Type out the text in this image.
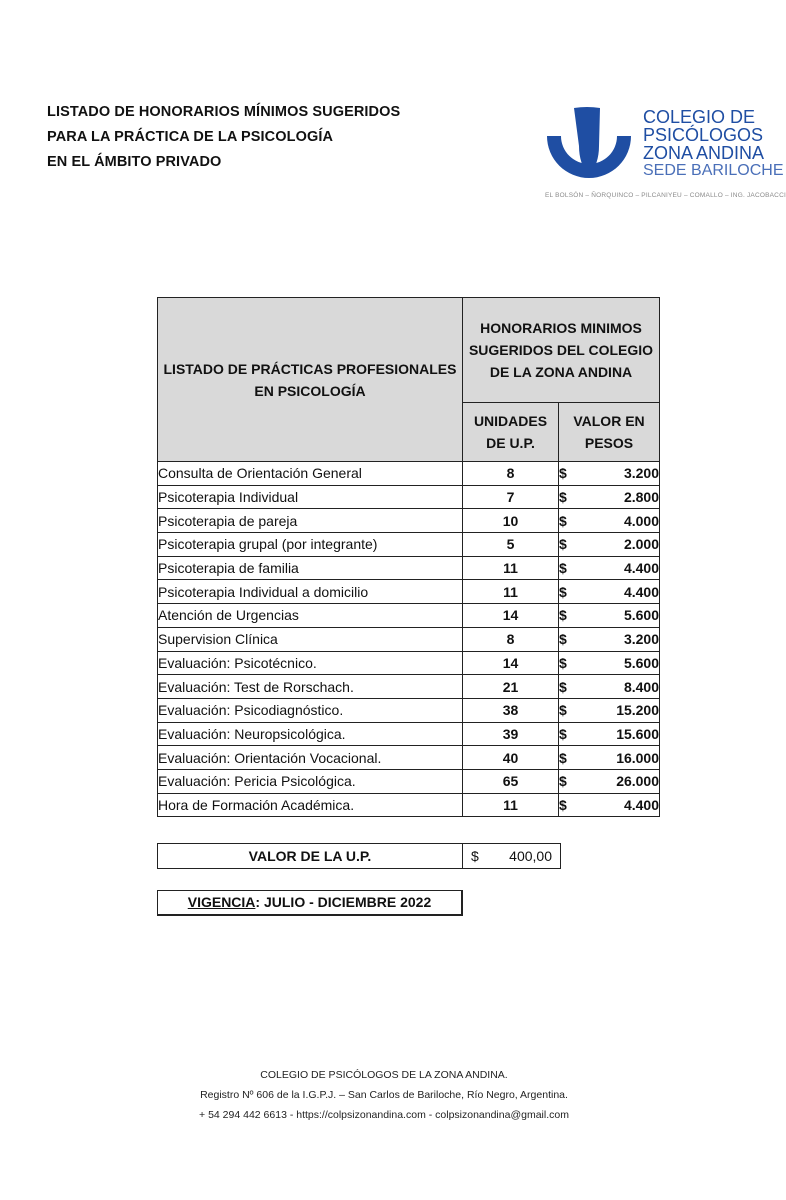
LISTADO DE HONORARIOS MÍNIMOS SUGERIDOS
PARA LA PRÁCTICA DE LA PSICOLOGÍA
EN EL ÁMBITO PRIVADO
COLEGIO DE
PSICÓLOGOS
ZONA ANDINA
SEDE BARILOCHE
EL BOLSÓN – ÑORQUINCO – PILCANIYEU – COMALLO – ING. JACOBACCI
LISTADO DE PRÁCTICAS PROFESIONALES EN PSICOLOGÍA	HONORARIOS MINIMOS SUGERIDOS DEL COLEGIO DE LA ZONA ANDINA	
	UNIDADES DE U.P.	VALOR EN PESOS
Consulta de Orientación General	8	$ 3.200

Psicoterapia Individual	7	$ 2.800

Psicoterapia de pareja	10	$ 4.000

Psicoterapia grupal (por integrante)	5	$ 2.000

Psicoterapia de familia	11	$ 4.400

Psicoterapia Individual a domicilio	11	$ 4.400

Atención de Urgencias	14	$ 5.600

Supervision Clínica	8	$ 3.200

Evaluación: Psicotécnico.	14	$ 5.600

Evaluación: Test de Rorschach.	21	$ 8.400

Evaluación: Psicodiagnóstico.	38	$ 15.200

Evaluación: Neuropsicológica.	39	$ 15.600

Evaluación: Orientación Vocacional.	40	$ 16.000

Evaluación: Pericia Psicológica.	65	$ 26.000

Hora de Formación Académica.	11	$ 4.400
VALOR DE LA U.P.	$ 400,00
VIGENCIA: JULIO - DICIEMBRE 2022
COLEGIO DE PSICÓLOGOS DE LA ZONA ANDINA.
Registro Nº 606 de la I.G.P.J. – San Carlos de Bariloche, Río Negro, Argentina.
+ 54 294 442 6613 - https://colpsizonandina.com - colpsizonandina@gmail.com
